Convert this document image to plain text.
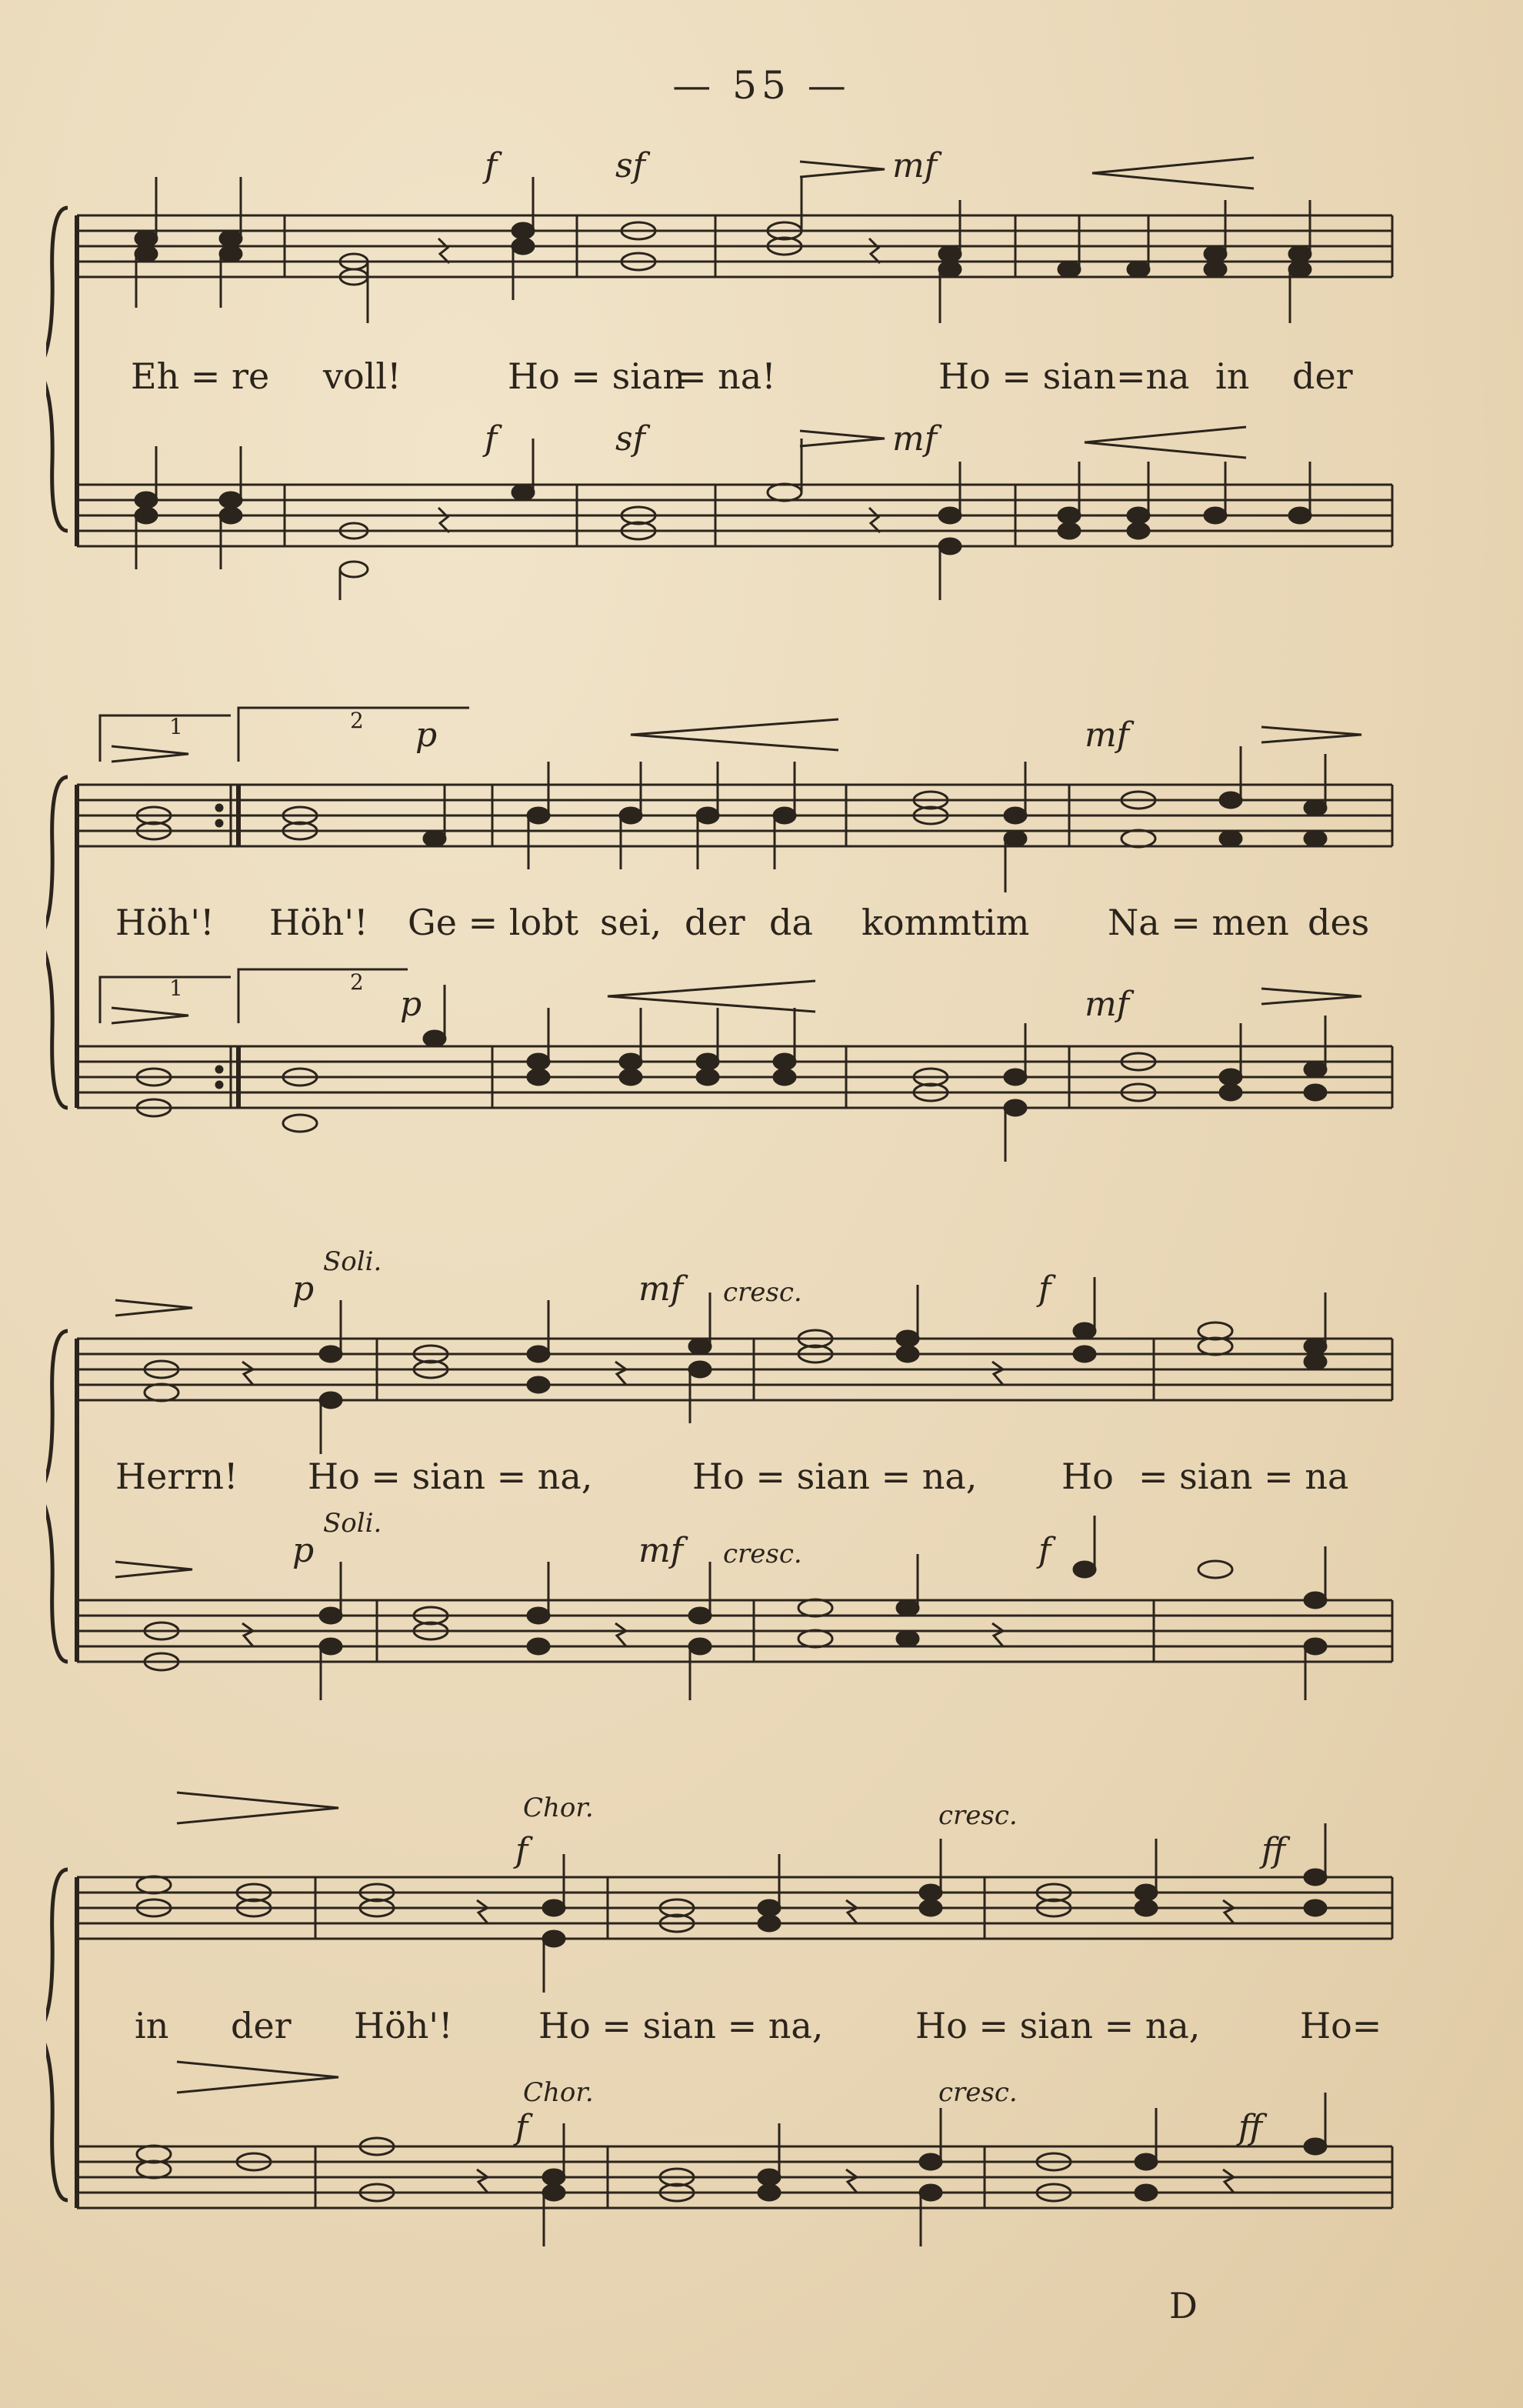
— 55 —
f	sf	mf
f	sf	mf
Eh = re voll!	Ho = sian
= na!	Ho = sian=na in der
1	2
1	2
p	mf
p	mf
Höh'! Höh'! Ge = lobt sei, der da kommt
im Na = men des
Soli.
p	mf cresc.	f
Soli.
p	mf cresc.	f
Herrn! Ho = sian = na,	Ho = sian = na, Ho = sian = na
Chor.
f
cresc.
ff
Chor.
f
cresc.
ff
in der Höh'! Ho = sian = na,	Ho = sian = na,	Ho=
D
